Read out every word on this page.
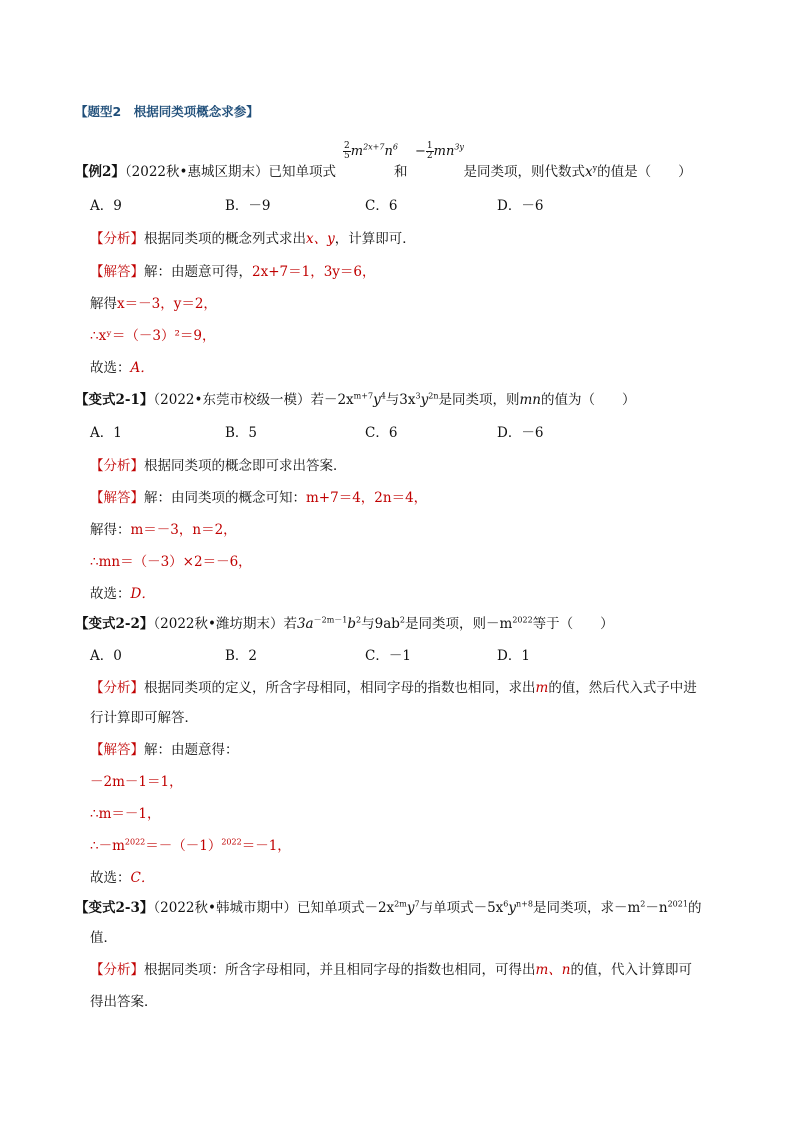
【题型2　根据同类项概念求参】
$\frac{2}{5} m^{2x+7}n^6 - \frac{1}{2} mn^{3y}$
【例2】（2022秋•惠城区期末）已知单项式	和	是同类项，则代数式$x^y$的值是（　　）
A．9	B．－9	C．6	D．－6
【分析】根据同类项的概念列式求出x、y，计算即可．
【解答】解：由题意可得，2x+7＝1，3y＝6，
解得x＝－3，y＝2，
∴xʸ＝（－3）²＝9，
故选：A．
【变式2-1】（2022•东莞市校级一模）若$-2x^{m+7}y^4$与$3x^3y^{2n}$是同类项，则mn的值为（　　）
A．1	B．5	C．6	D．－6
【分析】根据同类项的概念即可求出答案．
【解答】解：由同类项的概念可知：m+7＝4，2n＝4，
解得：m＝－3，n＝2，
∴mn＝（－3）×2＝－6，
故选：D．
【变式2-2】（2022秋•潍坊期末）若$3a^{-2m-1}b^2$与$9ab^2$是同类项，则$-m^{2022}$等于（　　）
A．0	B．2	C．－1	D．1
【分析】根据同类项的定义，所含字母相同，相同字母的指数也相同，求出m的值，然后代入式子中进
行计算即可解答．
【解答】解：由题意得：
－2m－1＝1，
∴m＝－1，
$\therefore-m^{2022}=-(-1)^{2022}=-1$，
故选：C．
【变式2-3】（2022秋•韩城市期中）已知单项式$-2x^{2m}y^7$与单项式$-5x^6y^{n+8}$是同类项，求$-m^2-n^{2021}$的
值．
【分析】根据同类项：所含字母相同，并且相同字母的指数也相同，可得出m、n的值，代入计算即可
得出答案．
